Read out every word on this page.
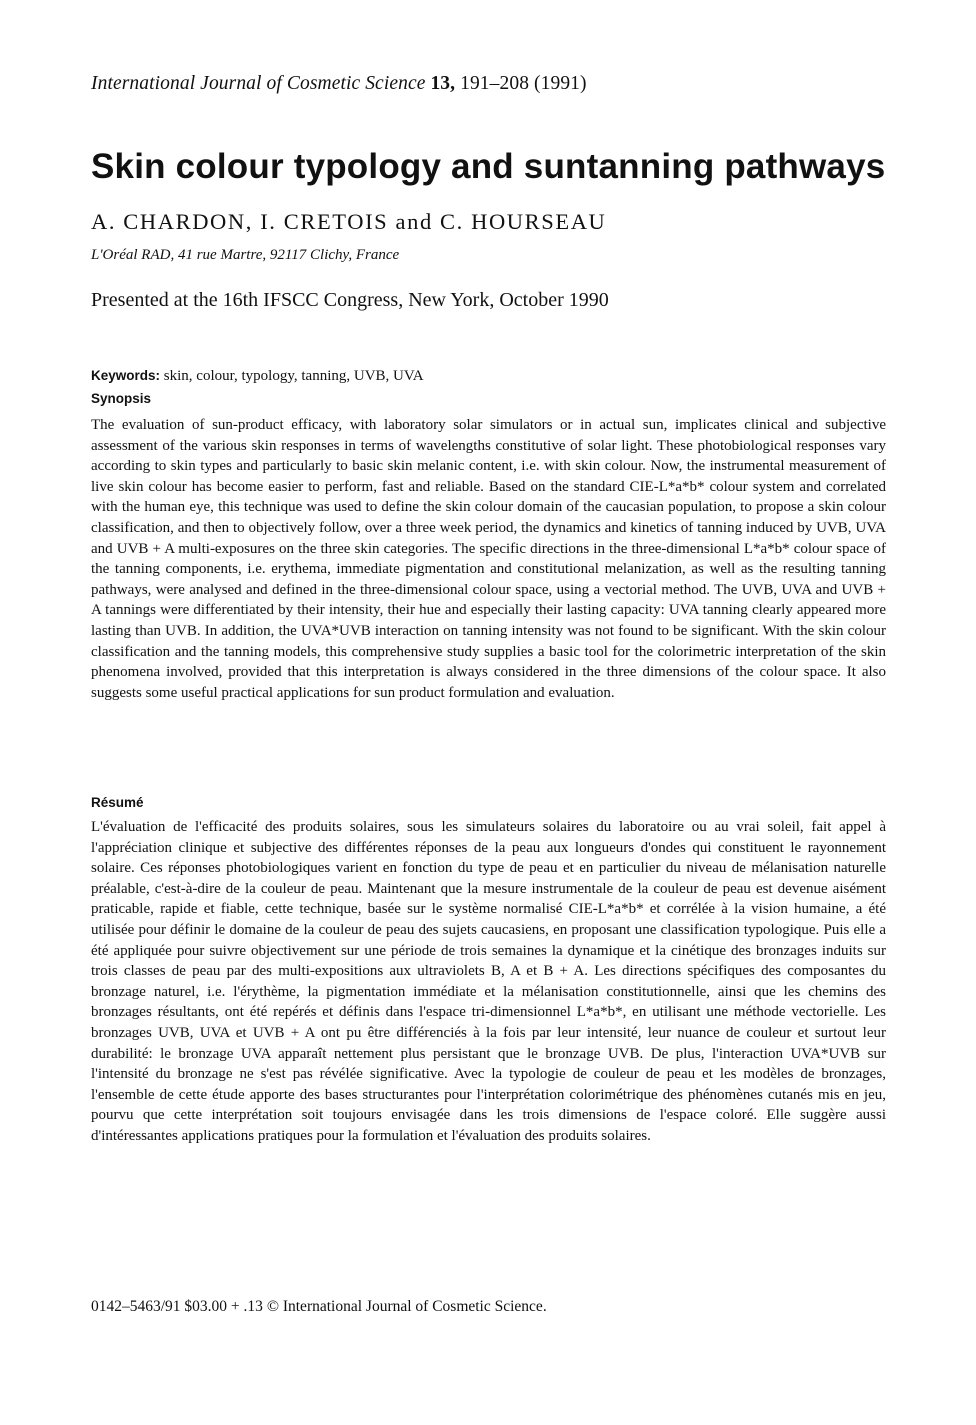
International Journal of Cosmetic Science 13, 191–208 (1991)
Skin colour typology and suntanning pathways
A. CHARDON, I. CRETOIS and C. HOURSEAU
L'Oréal RAD, 41 rue Martre, 92117 Clichy, France
Presented at the 16th IFSCC Congress, New York, October 1990
Keywords: skin, colour, typology, tanning, UVB, UVA
Synopsis

The evaluation of sun-product efficacy, with laboratory solar simulators or in actual sun, implicates clinical and subjective assessment of the various skin responses in terms of wavelengths constitutive of solar light. These photobiological responses vary according to skin types and particularly to basic skin melanic content, i.e. with skin colour. Now, the instrumental measurement of live skin colour has become easier to perform, fast and reliable. Based on the standard CIE-L*a*b* colour system and correlated with the human eye, this technique was used to define the skin colour domain of the caucasian population, to propose a skin colour classification, and then to objectively follow, over a three week period, the dynamics and kinetics of tanning induced by UVB, UVA and UVB + A multi-exposures on the three skin categories. The specific directions in the three-dimensional L*a*b* colour space of the tanning components, i.e. erythema, immediate pigmentation and constitutional melanization, as well as the resulting tanning pathways, were analysed and defined in the three-dimensional colour space, using a vectorial method. The UVB, UVA and UVB + A tannings were differentiated by their intensity, their hue and especially their lasting capacity: UVA tanning clearly appeared more lasting than UVB. In addition, the UVA*UVB interaction on tanning intensity was not found to be significant. With the skin colour classification and the tanning models, this comprehensive study supplies a basic tool for the colorimetric interpretation of the skin phenomena involved, provided that this interpretation is always considered in the three dimensions of the colour space. It also suggests some useful practical applications for sun product formulation and evaluation.

Résumé

L'évaluation de l'efficacité des produits solaires, sous les simulateurs solaires du laboratoire ou au vrai soleil, fait appel à l'appréciation clinique et subjective des différentes réponses de la peau aux longueurs d'ondes qui constituent le rayonnement solaire. Ces réponses photobiologiques varient en fonction du type de peau et en particulier du niveau de mélanisation naturelle préalable, c'est-à-dire de la couleur de peau. Maintenant que la mesure instrumentale de la couleur de peau est devenue aisément praticable, rapide et fiable, cette technique, basée sur le système normalisé CIE-L*a*b* et corrélée à la vision humaine, a été utilisée pour définir le domaine de la couleur de peau des sujets caucasiens, en proposant une classification typologique. Puis elle a été appliquée pour suivre objectivement sur une période de trois semaines la dynamique et la cinétique des bronzages induits sur trois classes de peau par des multi-expositions aux ultraviolets B, A et B + A. Les directions spécifiques des composantes du bronzage naturel, i.e. l'érythème, la pigmentation immédiate et la mélanisation constitutionnelle, ainsi que les chemins des bronzages résultants, ont été repérés et définis dans l'espace tri-dimensionnel L*a*b*, en utilisant une méthode vectorielle. Les bronzages UVB, UVA et UVB + A ont pu être différenciés à la fois par leur intensité, leur nuance de couleur et surtout leur durabilité: le bronzage UVA apparaît nettement plus persistant que le bronzage UVB. De plus, l'interaction UVA*UVB sur l'intensité du bronzage ne s'est pas révélée significative. Avec la typologie de couleur de peau et les modèles de bronzages, l'ensemble de cette étude apporte des bases structurantes pour l'interprétation colorimétrique des phénomènes cutanés mis en jeu, pourvu que cette interprétation soit toujours envisagée dans les trois dimensions de l'espace coloré. Elle suggère aussi d'intéressantes applications pratiques pour la formulation et l'évaluation des produits solaires.

0142–5463/91 $03.00 + .13 © International Journal of Cosmetic Science.
